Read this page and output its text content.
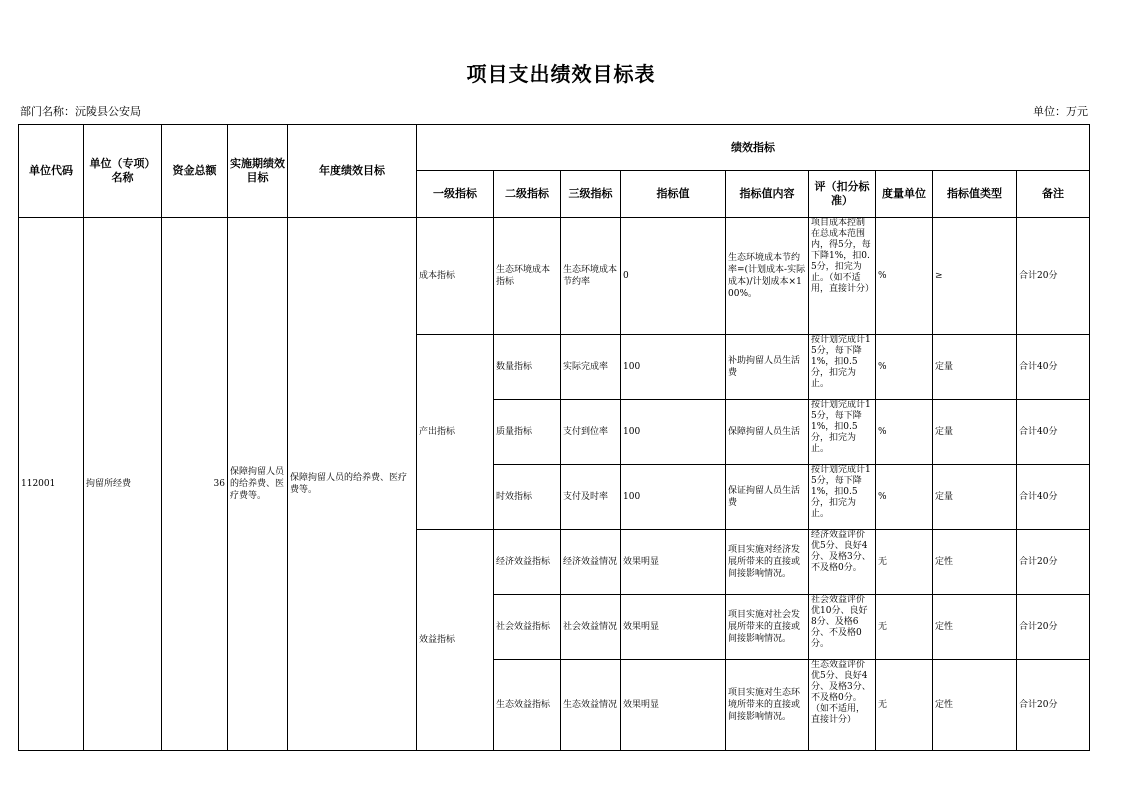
项目支出绩效目标表
部门名称：沅陵县公安局	单位：万元
单位代码	单位（专项）名称	资金总额	实施期绩效目标	年度绩效目标	绩效指标								
					一级指标	二级指标	三级指标	指标值	指标值内容	评（扣分标准）	度量单位	指标值类型	备注
112001	拘留所经费	36	保障拘留人员的给养费、医疗费等。	保障拘留人员的给养费、医疗费等。	成本指标	生态环境成本指标	生态环境成本节约率	0	生态环境成本节约率=(计划成本-实际成本)/计划成本×100%。	项目成本控制在总成本范围内，得5分，每下降1%，扣0.5分，扣完为止。（如不适用，直接计分）	%	≥	合计20分
					产出指标	数量指标	实际完成率	100	补助拘留人员生活费	按计划完成计15分，每下降1%，扣0.5分，扣完为止。	%	定量	合计40分
						质量指标	支付到位率	100	保障拘留人员生活	按计划完成计15分，每下降1%，扣0.5分，扣完为止。	%	定量	合计40分
						时效指标	支付及时率	100	保证拘留人员生活费	按计划完成计15分，每下降1%，扣0.5分，扣完为止。	%	定量	合计40分
					效益指标	经济效益指标	经济效益情况	效果明显	项目实施对经济发展所带来的直接或间接影响情况。	经济效益评价优5分、良好4分、及格3分、不及格0分。	无	定性	合计20分
						社会效益指标	社会效益情况	效果明显	项目实施对社会发展所带来的直接或间接影响情况。	社会效益评价优10分、良好8分、及格6分、不及格0分。	无	定性	合计20分
						生态效益指标	生态效益情况	效果明显	项目实施对生态环境所带来的直接或间接影响情况。	生态效益评价优5分、良好4分、及格3分、不及格0分。（如不适用，直接计分）	无	定性	合计20分
